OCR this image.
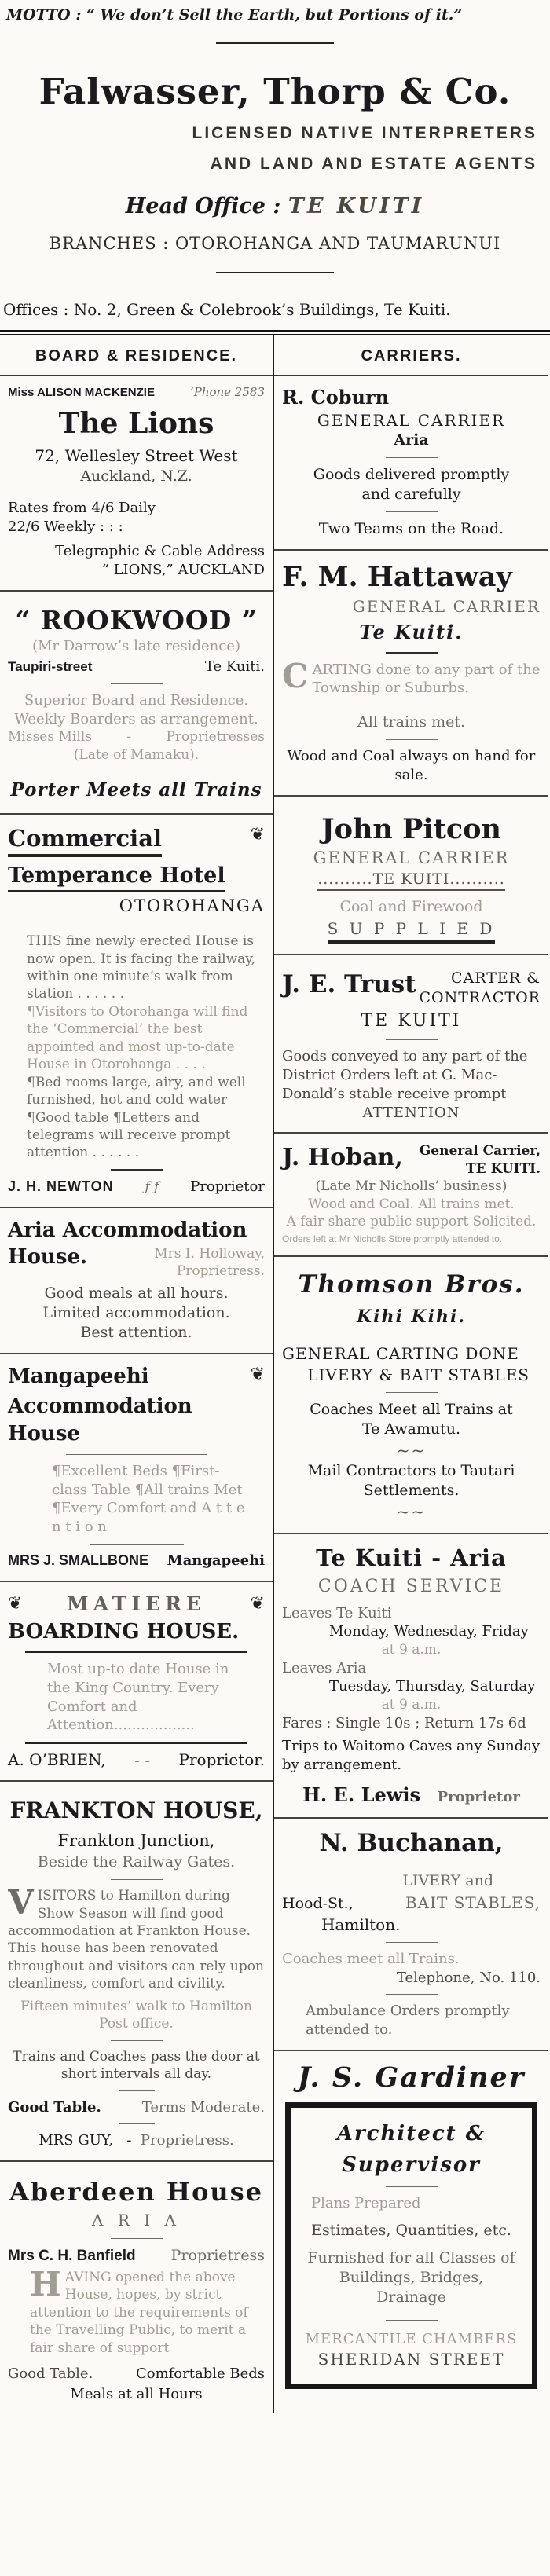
MOTTO : “ We don’t Sell the Earth, but Portions of it.”
Falwasser, Thorp & Co.
LICENSED NATIVE INTERPRETERS
AND LAND AND ESTATE AGENTS
Head Office : TE KUITI
BRANCHES : OTOROHANGA AND TAUMARUNUI
Offices : No. 2, Green & Colebrook’s Buildings, Te Kuiti.
BOARD & RESIDENCE.
Miss ALISON MACKENZIE	’Phone 2583
The Lions
72, Wellesley Street West
Auckland, N.Z.
Rates from 4/6 Daily
22/6 Weekly : : :
Telegraphic & Cable Address
“ LIONS,” AUCKLAND
“ ROOKWOOD ”
(Mr Darrow’s late residence)
Taupiri-street	Te Kuiti.
Superior Board and Residence.
Weekly Boarders as arrangement.
Misses Mills	-	Proprietresses
(Late of Mamaku).
Porter Meets all Trains
❦
Commercial
Temperance Hotel
OTOROHANGA

THIS fine newly erected House is now open. It is facing the railway, within one minute’s walk from station . . . . . .

¶Visitors to Otorohanga will find the ‘Commercial’ the best appointed and most up-to-date House in Otorohanga . . . .

¶Bed rooms large, airy, and well furnished, hot and cold water ¶Good table ¶Letters and telegrams will receive prompt attention . . . . . .

J. H. NEWTON ƒ ƒ Proprietor
Aria Accommodation
House.	Mrs I. Holloway,
Proprietress.
Good meals at all hours.
Limited accommodation.
Best attention.
❦
Mangapeehi
Accommodation House

¶Excellent Beds ¶First-class Table ¶All trains Met ¶Every Comfort and A t t e n t i o n

MRS J. SMALLBONE Mangapeehi
❦ MATIERE	❦
BOARDING HOUSE.

Most up-to date House in the King Country. Every Comfort and Attention..................

A. O’BRIEN, - - Proprietor.
FRANKTON HOUSE,
Frankton Junction,
Beside the Railway Gates.

V ISITORS to Hamilton during Show Season will find good accommodation at Frankton House. This house has been renovated throughout and visitors can rely upon cleanliness, comfort and civility.

Fifteen minutes’ walk to Hamilton Post office.

Trains and Coaches pass the door at short intervals all day.

Good Table.	Terms Moderate.
MRS GUY, - Proprietress.
Aberdeen House
A R I A
Mrs C. H. Banfield Proprietress

H AVING opened the above House, hopes, by strict attention to the requirements of the Travelling Public, to merit a fair share of support

Good Table.	Comfortable Beds
Meals at all Hours
CARRIERS.
R. Coburn
GENERAL CARRIER
Aria
Goods delivered promptly and carefully
Two Teams on the Road.
F. M. Hattaway
GENERAL CARRIER
Te Kuiti.

C ARTING done to any part of the Township or Suburbs.

All trains met.
Wood and Coal always on hand for sale.
John Pitcon
GENERAL CARRIER
..........TE KUITI..........
Coal and Firewood
S U P P L I E D
J. E. Trust	CARTER &
CONTRACTOR
TE KUITI

Goods conveyed to any part of the District Orders left at G. Mac-Donald’s stable receive prompt

ATTENTION
J. Hoban, General Carrier,
TE KUITI.
(Late Mr Nicholls’ business)
Wood and Coal. All trains met.
A fair share public support Solicited.
Orders left at Mr Nicholls Store promptly attended to.
Thomson Bros.
Kihi Kihi.
GENERAL CARTING DONE
LIVERY & BAIT STABLES
Coaches Meet all Trains at Te Awamutu.
~~
Mail Contractors to Tautari Settlements.
~~
Te Kuiti - Aria
COACH SERVICE
Leaves Te Kuiti
Monday, Wednesday, Friday
at 9 a.m.
Leaves Aria
Tuesday, Thursday, Saturday
at 9 a.m.
Fares : Single 10s ; Return 17s 6d
Trips to Waitomo Caves any Sunday by arrangement.
H. E. Lewis Proprietor
N. Buchanan,
LIVERY and
Hood-St.,	BAIT STABLES,
Hamilton.
Coaches meet all Trains.
Telephone, No. 110.
Ambulance Orders promptly attended to.
J. S. Gardiner
Architect &
Supervisor
Plans Prepared
Estimates, Quantities, etc.
Furnished for all Classes of Buildings, Bridges, Drainage
MERCANTILE CHAMBERS
SHERIDAN STREET
